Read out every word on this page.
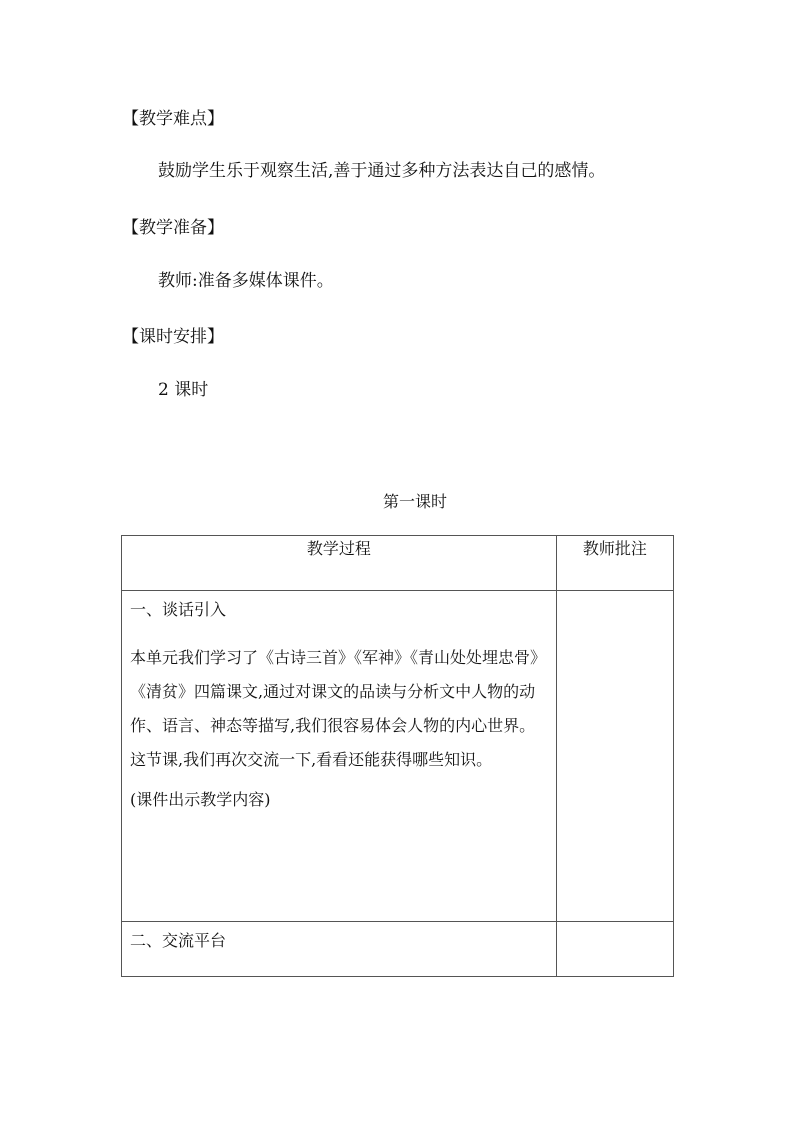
【教学难点】
鼓励学生乐于观察生活,善于通过多种方法表达自己的感情。
【教学准备】
教师:准备多媒体课件。
【课时安排】
2 课时
第一课时
教学过程	教师批注

一、谈话引入
本单元我们学习了《古诗三首》《军神》《青山处处埋忠骨》《清贫》四篇课文,通过对课文的品读与分析文中人物的动作、语言、神态等描写,我们很容易体会人物的内心世界。这节课,我们再次交流一下,看看还能获得哪些知识。
(课件出示教学内容)	

二、交流平台	
